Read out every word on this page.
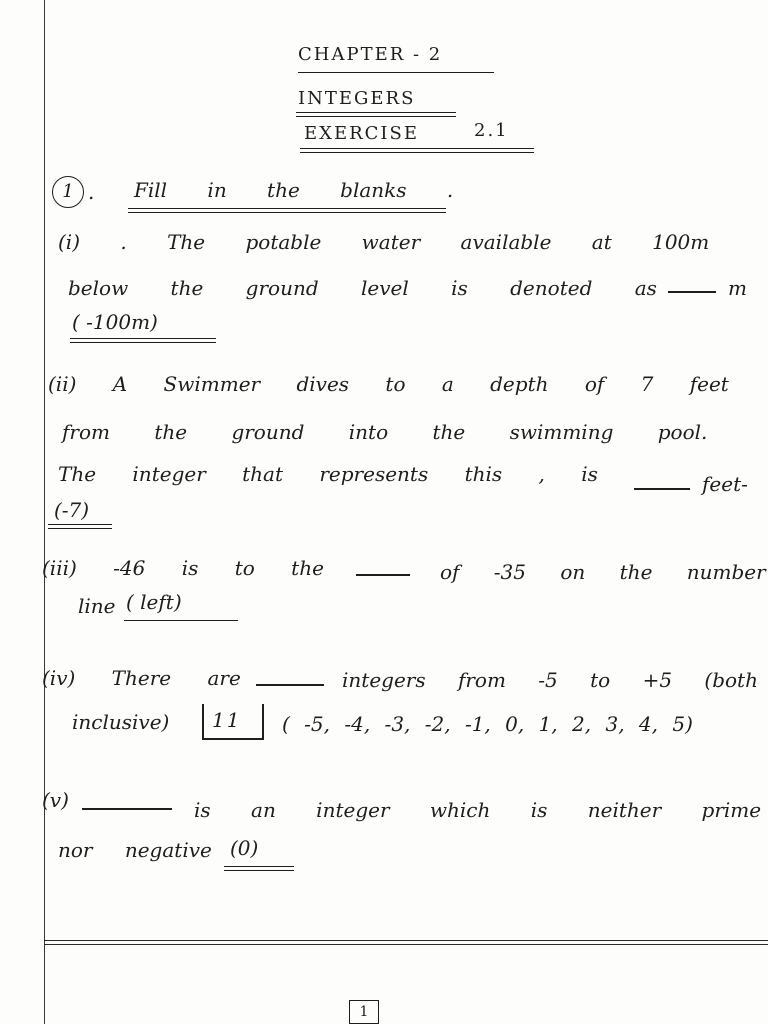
CHAPTER - 2
INTEGERS
EXERCISE	2.1
1 . Fill in the blanks .
(i) . The potable water available at 100m
below the ground level is denoted as	m
( -100m)
(ii) A Swimmer dives to a depth of 7 feet
from the ground into the swimming pool.
The integer that represents this , is	feet-
(-7)
(iii) -46 is to the	of -35 on the number
line ( left)
(iv) There are	integers from -5 to +5 (both
inclusive) 11 ( -5, -4, -3, -2, -1, 0, 1, 2, 3, 4, 5)
(v)	is an integer which is neither prime
nor negative (0)
1
